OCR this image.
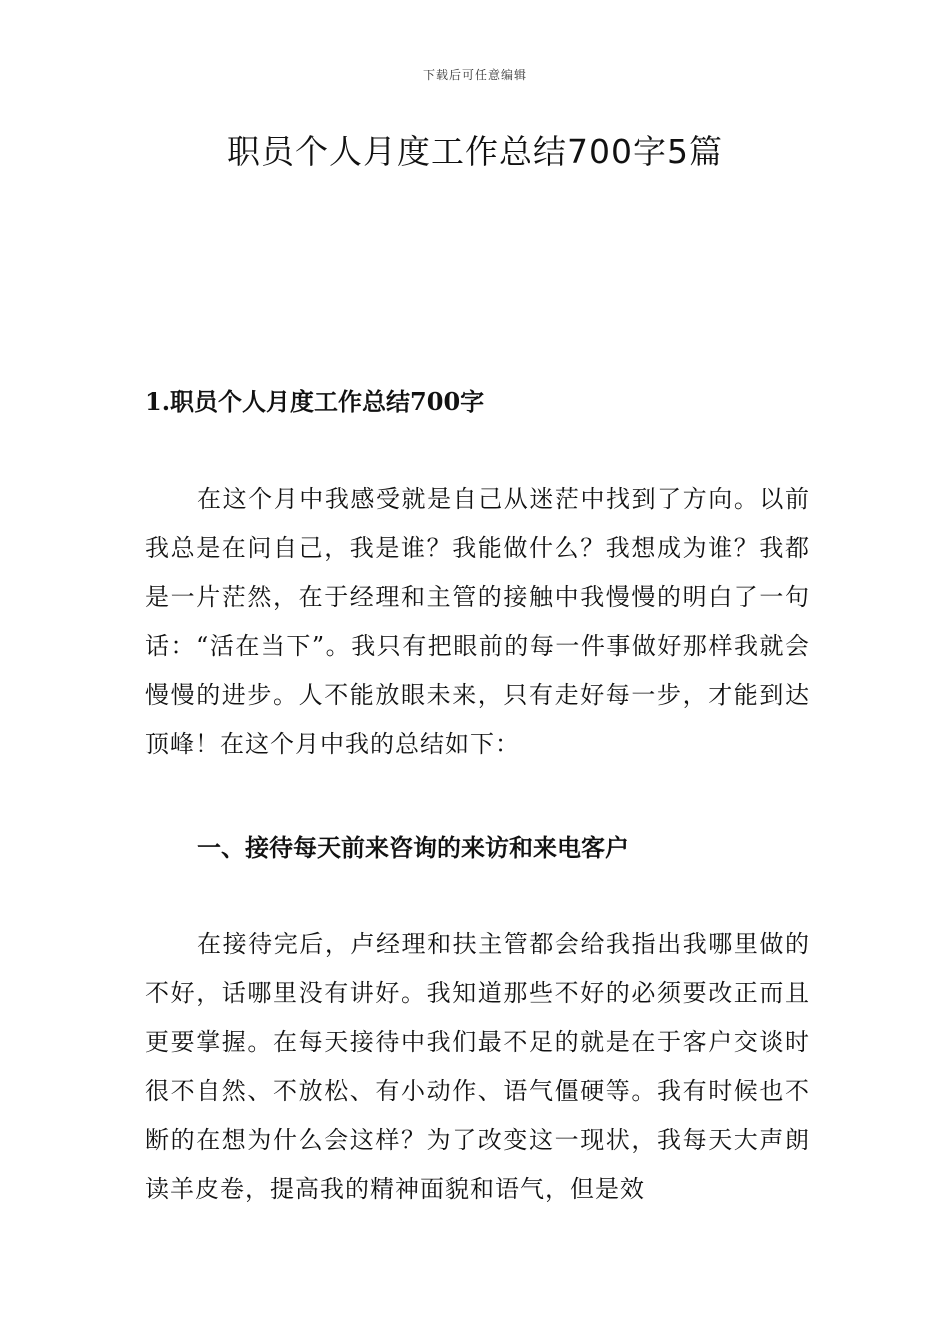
下载后可任意编辑
职员个人月度工作总结700字5篇
1.职员个人月度工作总结700字

在这个月中我感受就是自己从迷茫中找到了方向。以前我总是在问自己，我是谁？我能做什么？我想成为谁？我都是一片茫然，在于经理和主管的接触中我慢慢的明白了一句话：“活在当下”。我只有把眼前的每一件事做好那样我就会慢慢的进步。人不能放眼未来，只有走好每一步，才能到达顶峰！在这个月中我的总结如下：

一、接待每天前来咨询的来访和来电客户

在接待完后，卢经理和扶主管都会给我指出我哪里做的不好，话哪里没有讲好。我知道那些不好的必须要改正而且更要掌握。在每天接待中我们最不足的就是在于客户交谈时很不自然、不放松、有小动作、语气僵硬等。我有时候也不断的在想为什么会这样？为了改变这一现状，我每天大声朗读羊皮卷，提高我的精神面貌和语气，但是效
